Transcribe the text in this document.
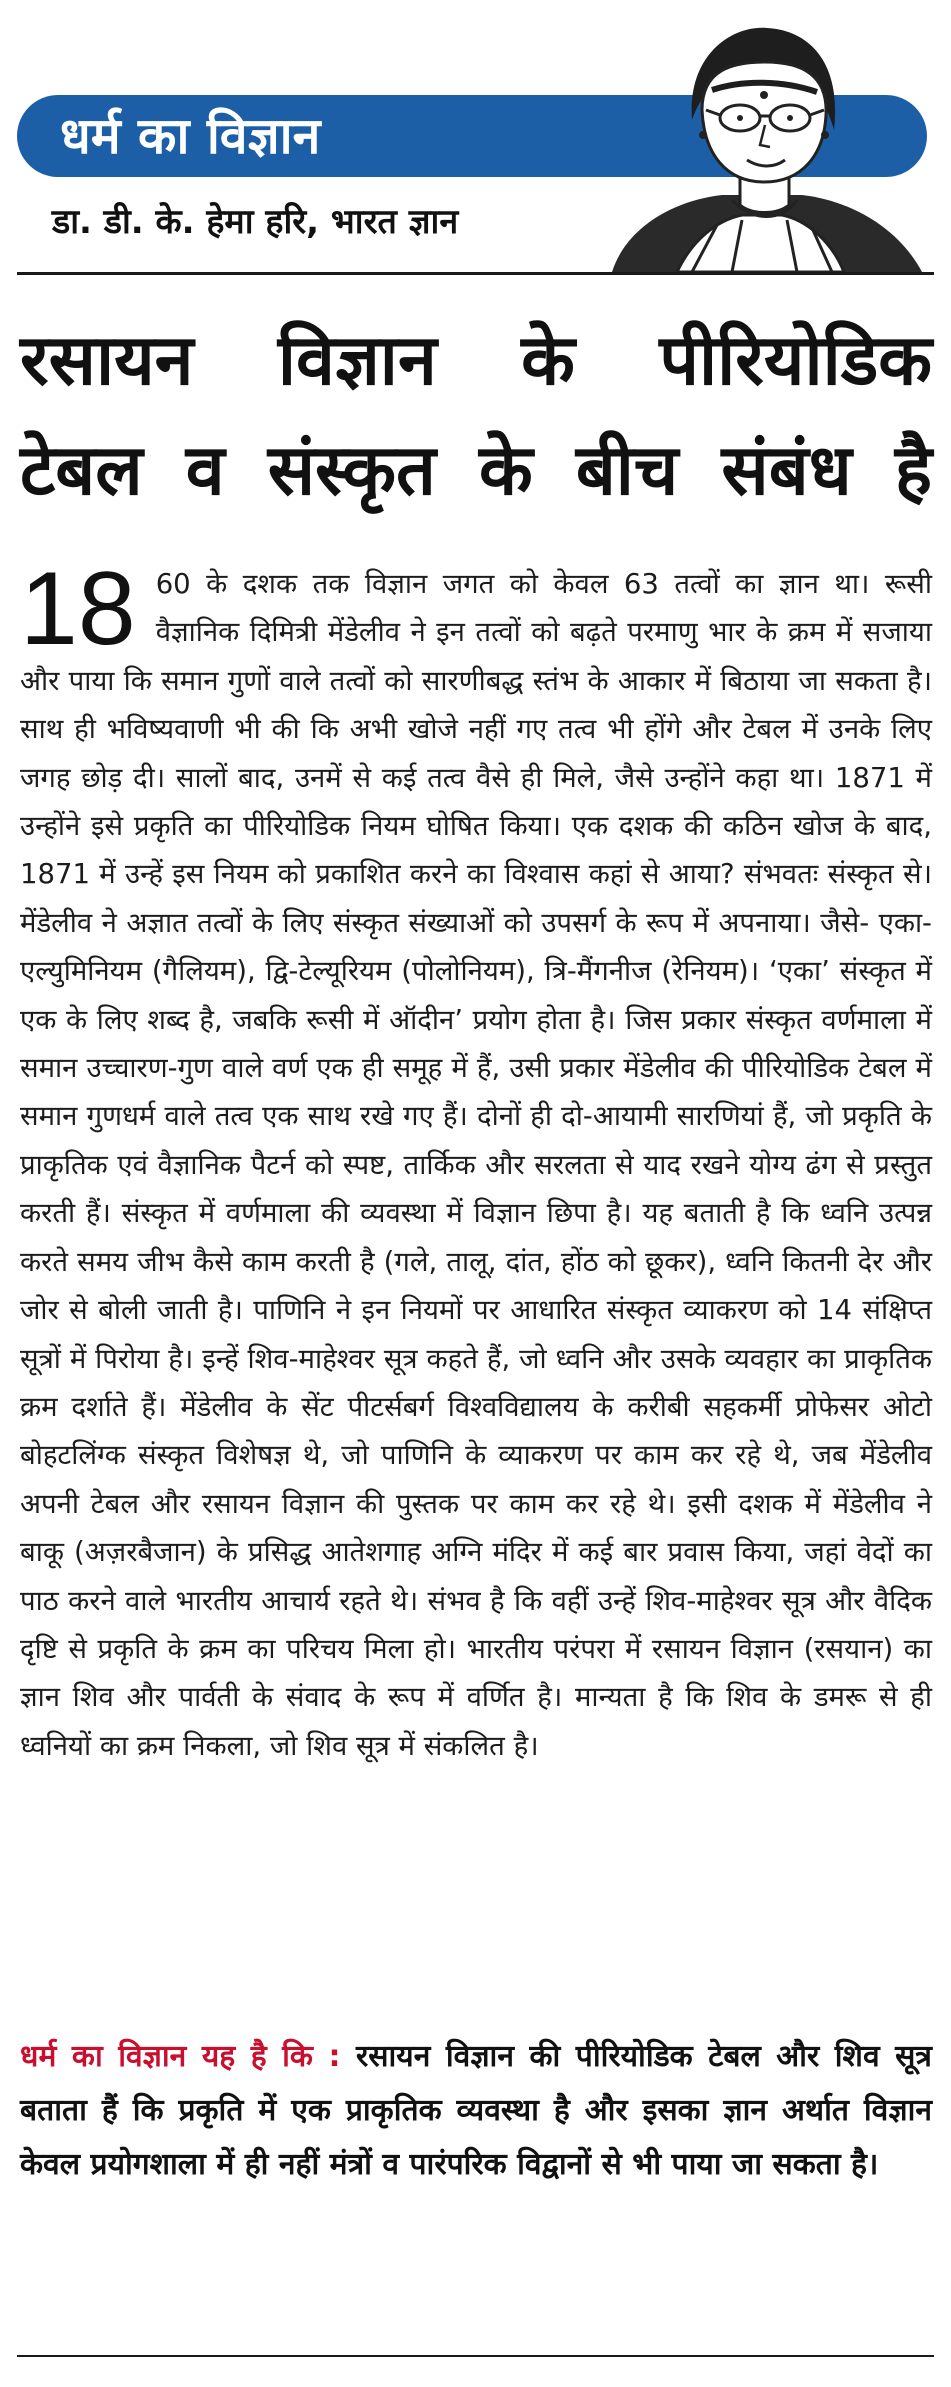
धर्म का विज्ञान
डा. डी. के. हेमा हरि, भारत ज्ञान
रसायन विज्ञान के पीरियोडिक
टेबल व संस्कृत के बीच संबंध है
18 60 के दशक तक विज्ञान जगत को केवल 63 तत्वों का ज्ञान था। रूसी वैज्ञानिक दिमित्री मेंडेलीव ने इन तत्वों को बढ़ते परमाणु भार के क्रम में सजाया और पाया कि समान गुणों वाले तत्वों को सारणीबद्ध स्तंभ के आकार में बिठाया जा सकता है। साथ ही भविष्यवाणी भी की कि अभी खोजे नहीं गए तत्व भी होंगे और टेबल में उनके लिए जगह छोड़ दी। सालों बाद, उनमें से कई तत्व वैसे ही मिले, जैसे उन्होंने कहा था। 1871 में उन्होंने इसे प्रकृति का पीरियोडिक नियम घोषित किया। एक दशक की कठिन खोज के बाद, 1871 में उन्हें इस नियम को प्रकाशित करने का विश्वास कहां से आया? संभवतः संस्कृत से। मेंडेलीव ने अज्ञात तत्वों के लिए संस्कृत संख्याओं को उपसर्ग के रूप में अपनाया। जैसे- एका-एल्युमिनियम (गैलियम), द्वि-टेल्यूरियम (पोलोनियम), त्रि-मैंगनीज (रेनियम)। ‘एका’ संस्कृत में एक के लिए शब्द है, जबकि रूसी में ऑदीन’ प्रयोग होता है। जिस प्रकार संस्कृत वर्णमाला में समान उच्चारण-गुण वाले वर्ण एक ही समूह में हैं, उसी प्रकार मेंडेलीव की पीरियोडिक टेबल में समान गुणधर्म वाले तत्व एक साथ रखे गए हैं। दोनों ही दो-आयामी सारणियां हैं, जो प्रकृति के प्राकृतिक एवं वैज्ञानिक पैटर्न को स्पष्ट, तार्किक और सरलता से याद रखने योग्य ढंग से प्रस्तुत करती हैं। संस्कृत में वर्णमाला की व्यवस्था में विज्ञान छिपा है। यह बताती है कि ध्वनि उत्पन्न करते समय जीभ कैसे काम करती है (गले, तालू, दांत, होंठ को छूकर), ध्वनि कितनी देर और जोर से बोली जाती है। पाणिनि ने इन नियमों पर आधारित संस्कृत व्याकरण को 14 संक्षिप्त सूत्रों में पिरोया है। इन्हें शिव-माहेश्वर सूत्र कहते हैं, जो ध्वनि और उसके व्यवहार का प्राकृतिक क्रम दर्शाते हैं। मेंडेलीव के सेंट पीटर्सबर्ग विश्वविद्यालय के करीबी सहकर्मी प्रोफेसर ओटो बोहटलिंग्क संस्कृत विशेषज्ञ थे, जो पाणिनि के व्याकरण पर काम कर रहे थे, जब मेंडेलीव अपनी टेबल और रसायन विज्ञान की पुस्तक पर काम कर रहे थे। इसी दशक में मेंडेलीव ने बाकू (अज़रबैजान) के प्रसिद्ध आतेशगाह अग्नि मंदिर में कई बार प्रवास किया, जहां वेदों का पाठ करने वाले भारतीय आचार्य रहते थे। संभव है कि वहीं उन्हें शिव-माहेश्वर सूत्र और वैदिक दृष्टि से प्रकृति के क्रम का परिचय मिला हो। भारतीय परंपरा में रसायन विज्ञान (रसयान) का ज्ञान शिव और पार्वती के संवाद के रूप में वर्णित है। मान्यता है कि शिव के डमरू से ही ध्वनियों का क्रम निकला, जो शिव सूत्र में संकलित है।
धर्म का विज्ञान यह है कि : रसायन विज्ञान की पीरियोडिक टेबल और शिव सूत्र बताता हैं कि प्रकृति में एक प्राकृतिक व्यवस्था है और इसका ज्ञान अर्थात विज्ञान केवल प्रयोगशाला में ही नहीं मंत्रों व पारंपरिक विद्वानों से भी पाया जा सकता है।
